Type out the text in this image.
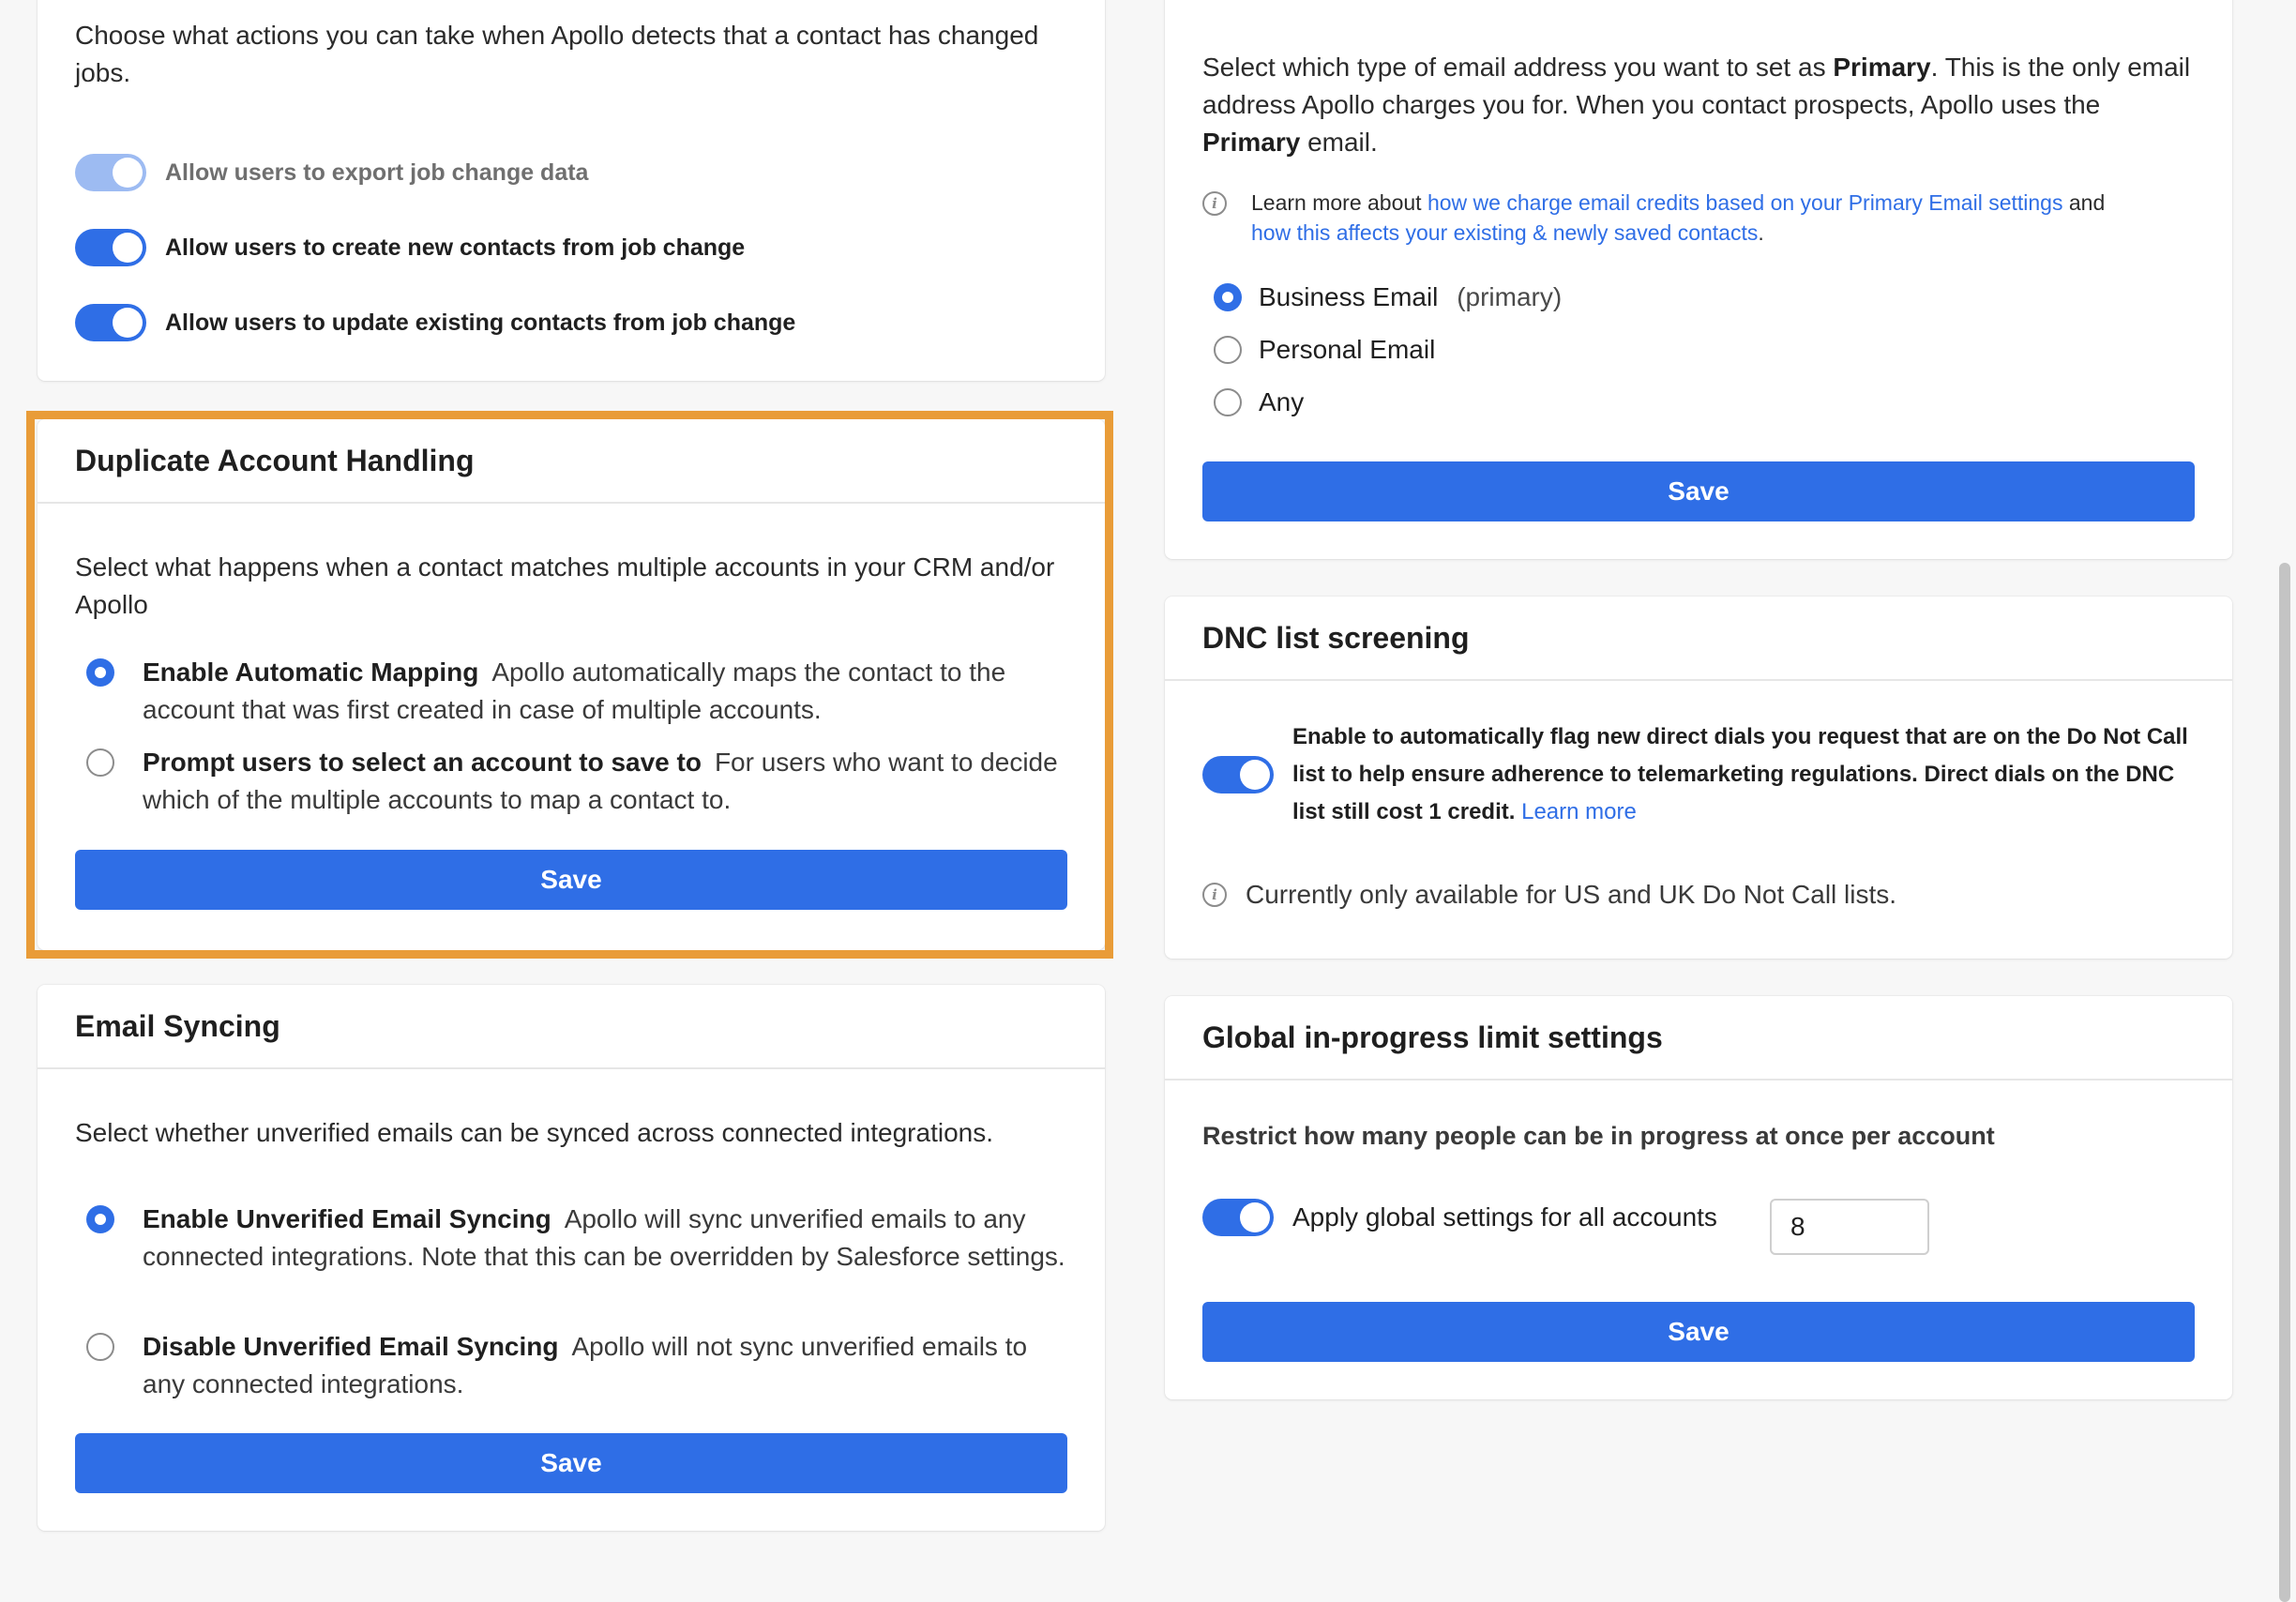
Choose what actions you can take when Apollo detects that a contact has changed jobs.
Allow users to export job change data
Allow users to create new contacts from job change
Allow users to update existing contacts from job change
Duplicate Account Handling
Select what happens when a contact matches multiple accounts in your CRM and/or Apollo
Enable Automatic Mapping Apollo automatically maps the contact to the account that was first created in case of multiple accounts.
Prompt users to select an account to save to For users who want to decide which of the multiple accounts to map a contact to.
Save
Email Syncing
Select whether unverified emails can be synced across connected integrations.
Enable Unverified Email Syncing Apollo will sync unverified emails to any connected integrations. Note that this can be overridden by Salesforce settings.
Disable Unverified Email Syncing Apollo will not sync unverified emails to any connected integrations.
Save
Select which type of email address you want to set as Primary. This is the only email address Apollo charges you for. When you contact prospects, Apollo uses the Primary email.
i	Learn more about how we charge email credits based on your Primary Email settings and
how this affects your existing & newly saved contacts.
Business Email (primary)
Personal Email
Any
Save
DNC list screening
Enable to automatically flag new direct dials you request that are on the Do Not Call list to help ensure adherence to telemarketing regulations. Direct dials on the DNC list still cost 1 credit. Learn more
i	Currently only available for US and UK Do Not Call lists.
Global in-progress limit settings
Restrict how many people can be in progress at once per account
Apply global settings for all accounts
8
Save
